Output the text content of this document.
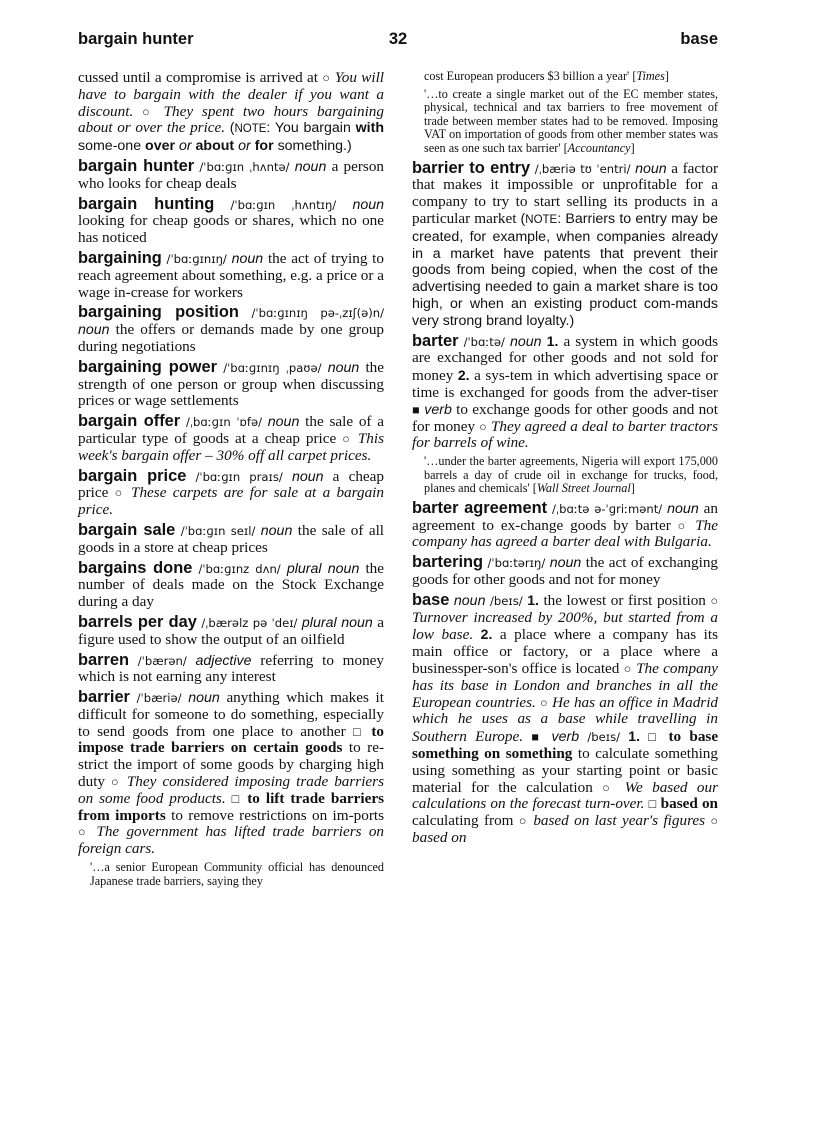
bargain hunter	32	base

cussed until a compromise is arrived at ○ You will have to bargain with the dealer if you want a discount. ○ They spent two hours bargaining about or over the price. (NOTE: You bargain with some-one over or about or for something.)

bargain hunter /ˈbɑːɡɪn ˌhʌntə/ noun a person who looks for cheap deals

bargain hunting /ˈbɑːɡɪn ˌhʌntɪŋ/ noun looking for cheap goods or shares, which no one has noticed

bargaining /ˈbɑːɡɪnɪŋ/ noun the act of trying to reach agreement about something, e.g. a price or a wage in-crease for workers

bargaining position /ˈbɑːɡɪnɪŋ pə-ˌzɪʃ(ə)n/ noun the offers or demands made by one group during negotiations

bargaining power /ˈbɑːɡɪnɪŋ ˌpaʊə/ noun the strength of one person or group when discussing prices or wage settlements

bargain offer /ˌbɑːɡɪn ˈɒfə/ noun the sale of a particular type of goods at a cheap price ○ This week's bargain offer – 30% off all carpet prices.

bargain price /ˈbɑːɡɪn praɪs/ noun a cheap price ○ These carpets are for sale at a bargain price.

bargain sale /ˈbɑːɡɪn seɪl/ noun the sale of all goods in a store at cheap prices

bargains done /ˈbɑːɡɪnz dʌn/ plural noun the number of deals made on the Stock Exchange during a day

barrels per day /ˌbærəlz pə ˈdeɪ/ plural noun a figure used to show the output of an oilfield

barren /ˈbærən/ adjective referring to money which is not earning any interest

barrier /ˈbæriə/ noun anything which makes it difficult for someone to do something, especially to send goods from one place to another □ to impose trade barriers on certain goods to re-strict the import of some goods by charging high duty ○ They considered imposing trade barriers on some food products. □ to lift trade barriers from imports to remove restrictions on im-ports ○ The government has lifted trade barriers on foreign cars.

'…a senior European Community official has denounced Japanese trade barriers, saying they

cost European producers $3 billion a year' [Times]

'…to create a single market out of the EC member states, physical, technical and tax barriers to free movement of trade between member states had to be removed. Imposing VAT on importation of goods from other member states was seen as one such tax barrier' [Accountancy]

barrier to entry /ˌbæriə tʊ ˈentri/ noun a factor that makes it impossible or unprofitable for a company to try to start selling its products in a particular market (NOTE: Barriers to entry may be created, for example, when companies already in a market have patents that prevent their goods from being copied, when the cost of the advertising needed to gain a market share is too high, or when an existing product com-mands very strong brand loyalty.)

barter /ˈbɑːtə/ noun 1. a system in which goods are exchanged for other goods and not sold for money 2. a sys-tem in which advertising space or time is exchanged for goods from the adver-tiser ■ verb to exchange goods for other goods and not for money ○ They agreed a deal to barter tractors for barrels of wine.

'…under the barter agreements, Nigeria will export 175,000 barrels a day of crude oil in exchange for trucks, food, planes and chemicals' [Wall Street Journal]

barter agreement /ˌbɑːtə ə-ˈɡriːmənt/ noun an agreement to ex-change goods by barter ○ The company has agreed a barter deal with Bulgaria.

bartering /ˈbɑːtərɪŋ/ noun the act of exchanging goods for other goods and not for money

base noun /beɪs/ 1. the lowest or first position ○ Turnover increased by 200%, but started from a low base. 2. a place where a company has its main office or factory, or a place where a businessper-son's office is located ○ The company has its base in London and branches in all the European countries. ○ He has an office in Madrid which he uses as a base while travelling in Southern Europe. ■ verb /beɪs/ 1. □ to base something on something to calculate something using something as your starting point or basic material for the calculation ○ We based our calculations on the forecast turn-over. □ based on calculating from ○ based on last year's figures ○ based on
